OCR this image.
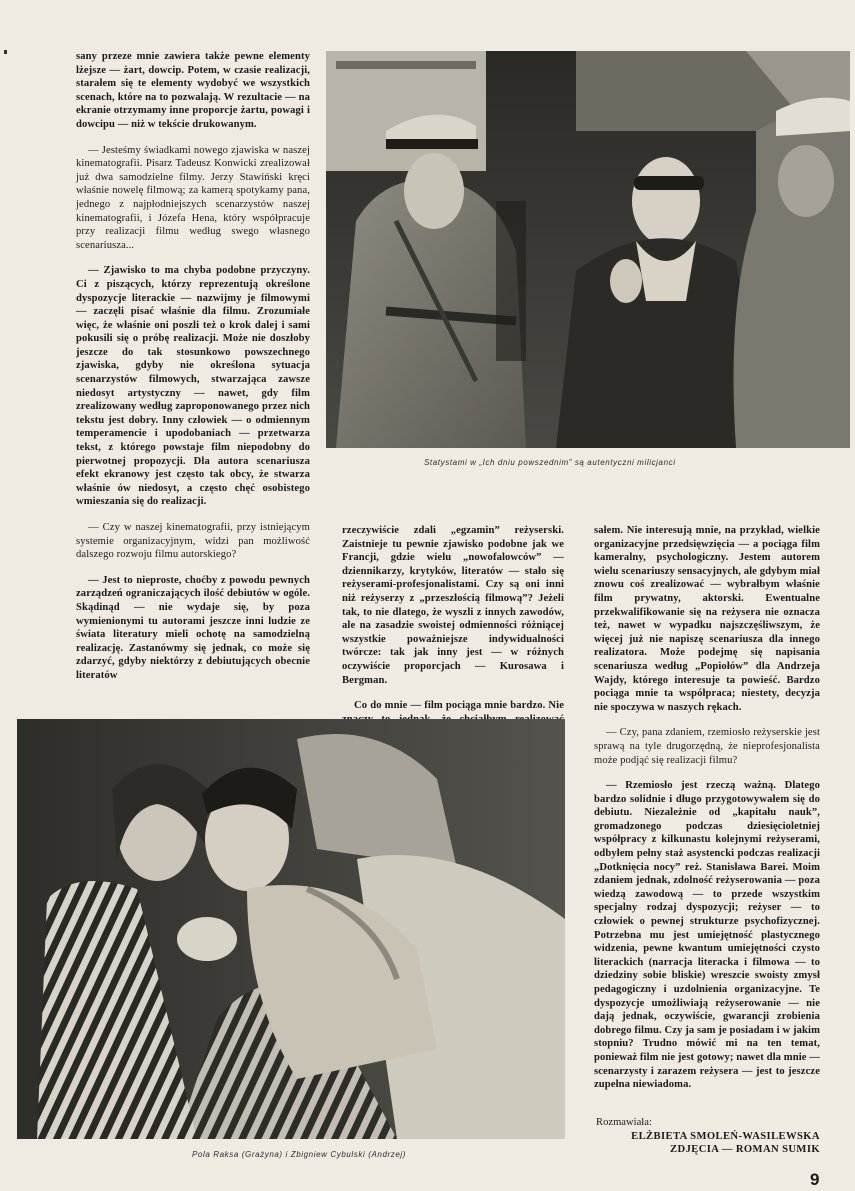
sany przeze mnie zawiera także pewne elementy lżejsze — żart, dowcip. Potem, w czasie realizacji, starałem się te elementy wydobyć we wszystkich scenach, które na to pozwalają. W rezultacie — na ekranie otrzymamy inne proporcje żartu, powagi i dowcipu — niż w tekście drukowanym.

— Jesteśmy świadkami nowego zjawiska w naszej kinematografii. Pisarz Tadeusz Konwicki zrealizował już dwa samodzielne filmy. Jerzy Stawiński kręci właśnie nowelę filmową; za kamerą spotykamy pana, jednego z najpłodniejszych scenarzystów naszej kinematografii, i Józefa Hena, który współpracuje przy realizacji filmu według swego własnego scenariusza...

— Zjawisko to ma chyba podobne przyczyny. Ci z piszących, którzy reprezentują określone dyspozycje literackie — nazwijmy je filmowymi — zaczęli pisać właśnie dla filmu. Zrozumiałe więc, że właśnie oni poszli też o krok dalej i sami pokusili się o próbę realizacji. Może nie doszłoby jeszcze do tak stosunkowo powszechnego zjawiska, gdyby nie określona sytuacja scenarzystów filmowych, stwarzająca zawsze niedosyt artystyczny — nawet, gdy film zrealizowany według zaproponowanego przez nich tekstu jest dobry. Inny człowiek — o odmiennym temperamencie i upodobaniach — przetwarza tekst, z którego powstaje film niepodobny do pierwotnej propozycji. Dla autora scenariusza efekt ekranowy jest często tak obcy, że stwarza właśnie ów niedosyt, a często chęć osobistego wmieszania się do realizacji.

— Czy w naszej kinematografii, przy istniejącym systemie organizacyjnym, widzi pan możliwość dalszego rozwoju filmu autorskiego?

— Jest to nieproste, choćby z powodu pewnych zarządzeń ograniczających ilość debiutów w ogóle. Skądinąd — nie wydaje się, by poza wymienionymi tu autorami jeszcze inni ludzie ze świata literatury mieli ochotę na samodzielną realizację. Zastanówmy się jednak, co może się zdarzyć, gdyby niektórzy z debiutujących obecnie literatów

Statystami w „Ich dniu powszednim” są autentyczni milicjanci

rzeczywiście zdali „egzamin” reżyserski. Zaistnieje tu pewnie zjawisko podobne jak we Francji, gdzie wielu „nowofalowców” — dziennikarzy, krytyków, literatów — stało się reżyserami-profesjonalistami. Czy są oni inni niż reżyserzy z „przeszłością filmową”? Jeżeli tak, to nie dlatego, że wyszli z innych zawodów, ale na zasadzie swoistej odmienności różniącej wszystkie poważniejsze indywidualności twórcze: tak jak inny jest — w różnych oczywiście proporcjach — Kurosawa i Bergman.

Co do mnie — film pociąga mnie bardzo. Nie

sałem. Nie interesują mnie, na przykład, wielkie organizacyjne przedsięwzięcia — a pociąga film kameralny, psychologiczny. Jestem autorem wielu scenariuszy sensacyjnych, ale gdybym miał znowu coś zrealizować — wybrałbym właśnie film prywatny, aktorski. Ewentualne przekwalifikowanie się na reżysera nie oznacza też, nawet w wypadku najszczęśliwszym, że więcej już nie napiszę scenariusza dla innego realizatora. Może podejmę się napisania scenariusza według „Popiołów” dla Andrzeja Wajdy, którego interesuje ta powieść. Bardzo pociąga mnie ta współpraca; niestety, decyzja nie spoczywa w naszych rękach.

— Czy, pana zdaniem, rzemiosło reżyserskie jest sprawą na tyle drugorzędną, że nieprofesjonalista może podjąć się realizacji filmu?

— Rzemiosło jest rzeczą ważną. Dlatego bardzo solidnie i długo przygotowywałem się do debiutu. Niezależnie od „kapitału nauk”, gromadzonego podczas dziesięcioletniej współpracy z kilkunastu kolejnymi reżyserami, odbyłem pełny staż asystencki podczas realizacji „Dotknięcia nocy” reż. Stanisława Barei. Moim zdaniem jednak, zdolność reżyserowania — poza wiedzą zawodową — to przede wszystkim specjalny rodzaj dyspozycji; reżyser — to człowiek o pewnej strukturze psychofizycznej. Potrzebna mu jest umiejętność plastycznego widzenia, pewne kwantum umiejętności czysto literackich (narracja literacka i filmowa — to dziedziny sobie bliskie) wreszcie swoisty zmysł pedagogiczny i uzdolnienia organizacyjne. Te dyspozycje umożliwiają reżyserowanie — nie dają jednak, oczywiście, gwarancji zrobienia dobrego filmu. Czy ja sam je posiadam i w jakim stopniu? Trudno mówić mi na ten temat, ponieważ film nie jest gotowy; nawet dla mnie — scenarzysty i zarazem reżysera — jest to jeszcze zupełna niewiadoma.

Pola Raksa (Grażyna) i Zbigniew Cybulski (Andrzej)
Rozmawiała:
ELŻBIETA SMOLEŃ-WASILEWSKA
ZDJĘCIA — ROMAN SUMIK
9
